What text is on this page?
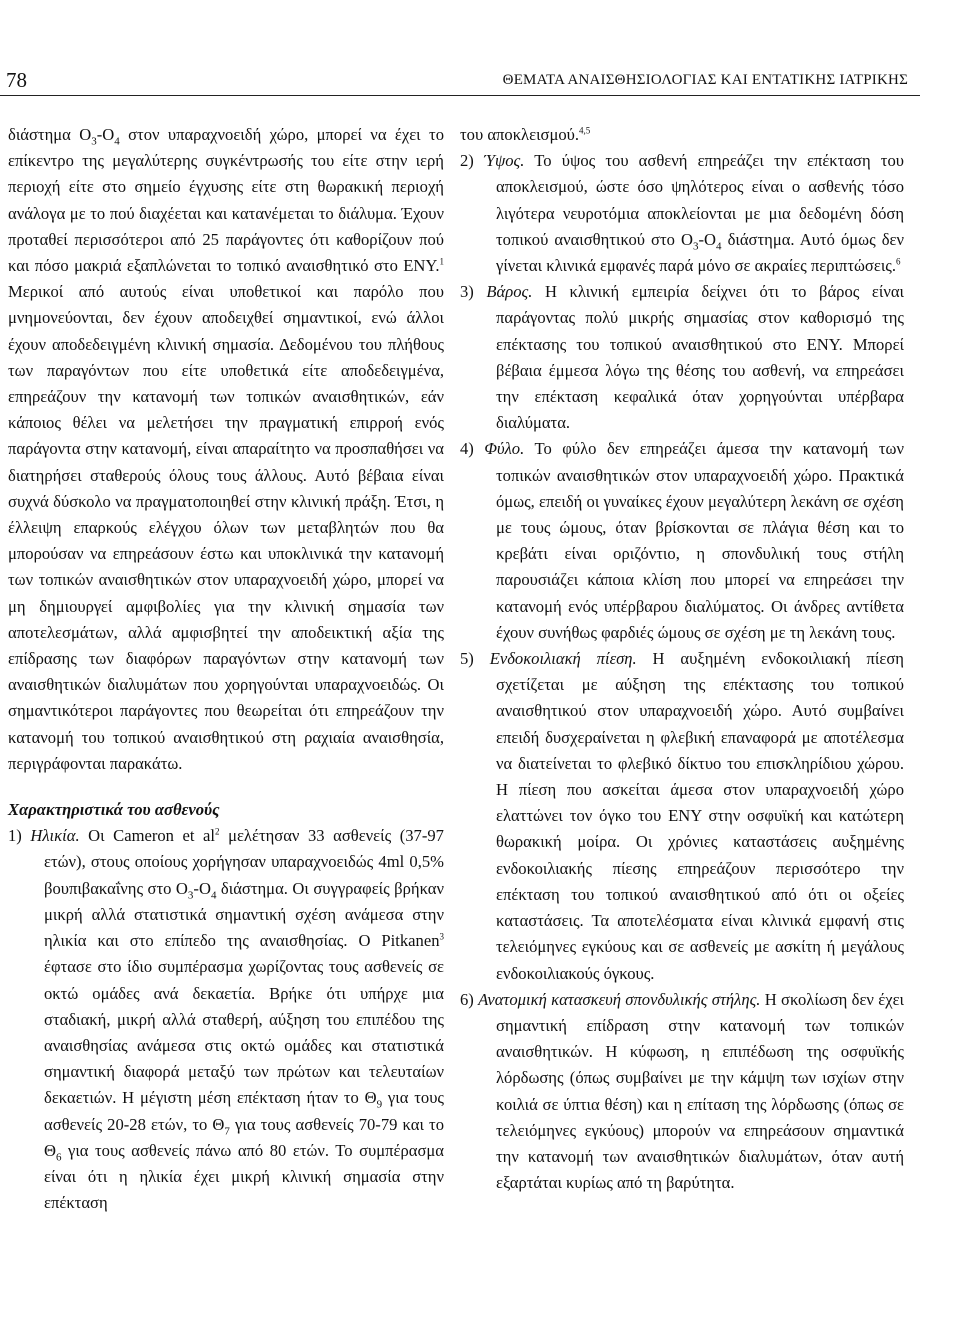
78	ΘΕΜΑΤΑ ΑΝΑΙΣΘΗΣΙΟΛΟΓΙΑΣ ΚΑΙ ΕΝΤΑΤΙΚΗΣ ΙΑΤΡΙΚΗΣ

διάστημα $O_3-O_4$ στον υπαραχνοειδή χώρο, μπορεί να έχει το επίκεντρο της μεγαλύτερης συγκέντρωσής του είτε στην ιερή περιοχή είτε στο σημείο έγχυσης είτε στη θωρακική περιοχή ανάλογα με το πού διαχέεται και κατανέμεται το διάλυμα. Έχουν προταθεί περισσότεροι από 25 παράγοντες ότι καθορίζουν πού και πόσο μακριά εξαπλώνεται το τοπικό αναισθητικό στο ΕΝΥ.$^1$ Μερικοί από αυτούς είναι υποθετικοί και παρόλο που μνημονεύονται, δεν έχουν αποδειχθεί σημαντικοί, ενώ άλλοι έχουν αποδεδειγμένη κλινική σημασία. Δεδομένου του πλήθους των παραγόντων που είτε υποθετικά είτε αποδεδειγμένα, επηρεάζουν την κατανομή των τοπικών αναισθητικών, εάν κάποιος θέλει να μελετήσει την πραγματική επιρροή ενός παράγοντα στην κατανομή, είναι απαραίτητο να προσπαθήσει να διατηρήσει σταθερούς όλους τους άλλους. Αυτό βέβαια είναι συχνά δύσκολο να πραγματοποιηθεί στην κλινική πράξη. Έτσι, η έλλειψη επαρκούς ελέγχου όλων των μεταβλητών που θα μπορούσαν να επηρεάσουν έστω και υποκλινικά την κατανομή των τοπικών αναισθητικών στον υπαραχνοειδή χώρο, μπορεί να μη δημιουργεί αμφιβολίες για την κλινική σημασία των αποτελεσμάτων, αλλά αμφισβητεί την αποδεικτική αξία της επίδρασης των διαφόρων παραγόντων στην κατανομή των αναισθητικών διαλυμάτων που χορηγούνται υπαραχνοειδώς. Οι σημαντικότεροι παράγοντες που θεωρείται ότι επηρεάζουν την κατανομή του τοπικού αναισθητικού στη ραχιαία αναισθησία, περιγράφονται παρακάτω.

Χαρακτηριστικά του ασθενούς

1) Ηλικία. Οι Cameron et $al^2$ μελέτησαν 33 ασθενείς (37-97 ετών), στους οποίους χορήγησαν υπαραχνοειδώς 4ml 0,5% βουπιβακαΐνης στο $O_3-O_4$ διάστημα. Οι συγγραφείς βρήκαν μικρή αλλά στατιστικά σημαντική σχέση ανάμεσα στην ηλικία και στο επίπεδο της αναισθησίας. Ο Pitkanen$^3$ έφτασε στο ίδιο συμπέρασμα χωρίζοντας τους ασθενείς σε οκτώ ομάδες ανά δεκαετία. Βρήκε ότι υπήρχε μια σταδιακή, μικρή αλλά σταθερή, αύξηση του επιπέδου της αναισθησίας ανάμεσα στις οκτώ ομάδες και στατιστικά σημαντική διαφορά μεταξύ των πρώτων και τελευταίων δεκαετιών. Η μέγιστη μέση επέκταση ήταν το $\Theta_9$ για τους ασθενείς 20-28 ετών, το $\Theta_7$ για τους ασθενείς 70-79 και το $\Theta_6$ για τους ασθενείς πάνω από 80 ετών. Το συμπέρασμα είναι ότι η ηλικία έχει μικρή κλινική σημασία στην επέκταση

του αποκλεισμού.$^{4,5}$

2) Ύψος. Το ύψος του ασθενή επηρεάζει την επέκταση του αποκλεισμού, ώστε όσο ψηλότερος είναι ο ασθενής τόσο λιγότερα νευροτόμια αποκλείονται με μια δεδομένη δόση τοπικού αναισθητικού στο $O_3-O_4$ διάστημα. Αυτό όμως δεν γίνεται κλινικά εμφανές παρά μόνο σε ακραίες περιπτώσεις.$^6$

3) Βάρος. Η κλινική εμπειρία δείχνει ότι το βάρος είναι παράγοντας πολύ μικρής σημασίας στον καθορισμό της επέκτασης του τοπικού αναισθητικού στο ΕΝΥ. Μπορεί βέβαια έμμεσα λόγω της θέσης του ασθενή, να επηρεάσει την επέκταση κεφαλικά όταν χορηγούνται υπέρβαρα διαλύματα.

4) Φύλο. Το φύλο δεν επηρεάζει άμεσα την κατανομή των τοπικών αναισθητικών στον υπαραχνοειδή χώρο. Πρακτικά όμως, επειδή οι γυναίκες έχουν μεγαλύτερη λεκάνη σε σχέση με τους ώμους, όταν βρίσκονται σε πλάγια θέση και το κρεβάτι είναι οριζόντιο, η σπονδυλική τους στήλη παρουσιάζει κάποια κλίση που μπορεί να επηρεάσει την κατανομή ενός υπέρβαρου διαλύματος. Οι άνδρες αντίθετα έχουν συνήθως φαρδιές ώμους σε σχέση με τη λεκάνη τους.

5) Ενδοκοιλιακή πίεση. Η αυξημένη ενδοκοιλιακή πίεση σχετίζεται με αύξηση της επέκτασης του τοπικού αναισθητικού στον υπαραχνοειδή χώρο. Αυτό συμβαίνει επειδή δυσχεραίνεται η φλεβική επαναφορά με αποτέλεσμα να διατείνεται το φλεβικό δίκτυο του επισκληρίδιου χώρου. Η πίεση που ασκείται άμεσα στον υπαραχνοειδή χώρο ελαττώνει τον όγκο του ΕΝΥ στην οσφυϊκή και κατώτερη θωρακική μοίρα. Οι χρόνιες καταστάσεις αυξημένης ενδοκοιλιακής πίεσης επηρεάζουν περισσότερο την επέκταση του τοπικού αναισθητικού από ότι οι οξείες καταστάσεις. Τα αποτελέσματα είναι κλινικά εμφανή στις τελειόμηνες εγκύους και σε ασθενείς με ασκίτη ή μεγάλους ενδοκοιλιακούς όγκους.

6) Ανατομική κατασκευή σπονδυλικής στήλης. Η σκολίωση δεν έχει σημαντική επίδραση στην κατανομή των τοπικών αναισθητικών. Η κύφωση, η επιπέδωση της οσφυϊκής λόρδωσης (όπως συμβαίνει με την κάμψη των ισχίων στην κοιλιά σε ύπτια θέση) και η επίταση της λόρδωσης (όπως σε τελειόμηνες εγκύους) μπορούν να επηρεάσουν σημαντικά την κατανομή των αναισθητικών διαλυμάτων, όταν αυτή εξαρτάται κυρίως από τη βαρύτητα.
